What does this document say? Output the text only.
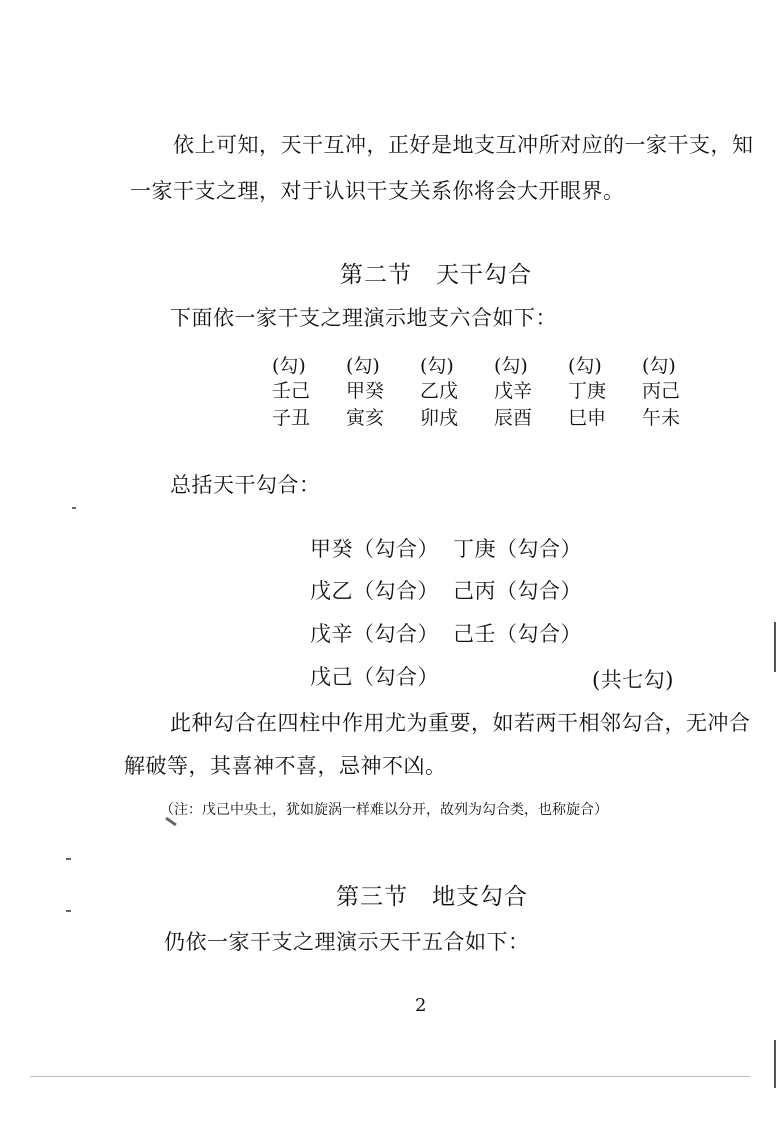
依上可知，天干互冲，正好是地支互冲所对应的一家干支，知
一家干支之理，对于认识干支关系你将会大开眼界。
第二节　天干勾合
下面依一家干支之理演示地支六合如下：
(勾)	(勾)	(勾)	(勾)	(勾)	(勾)
壬己	甲癸	乙戊	戊辛	丁庚	丙己
子丑	寅亥	卯戌	辰酉	巳申	午未
总括天干勾合：
甲癸（勾合） 丁庚（勾合）
戊乙（勾合） 己丙（勾合）
戊辛（勾合） 己壬（勾合）
戊己（勾合）	(共七勾)
此种勾合在四柱中作用尤为重要，如若两干相邻勾合，无冲合
解破等，其喜神不喜，忌神不凶。
（注：戊己中央土，犹如旋涡一样难以分开，故列为勾合类，也称旋合）
第三节　地支勾合
仍依一家干支之理演示天干五合如下：
2
